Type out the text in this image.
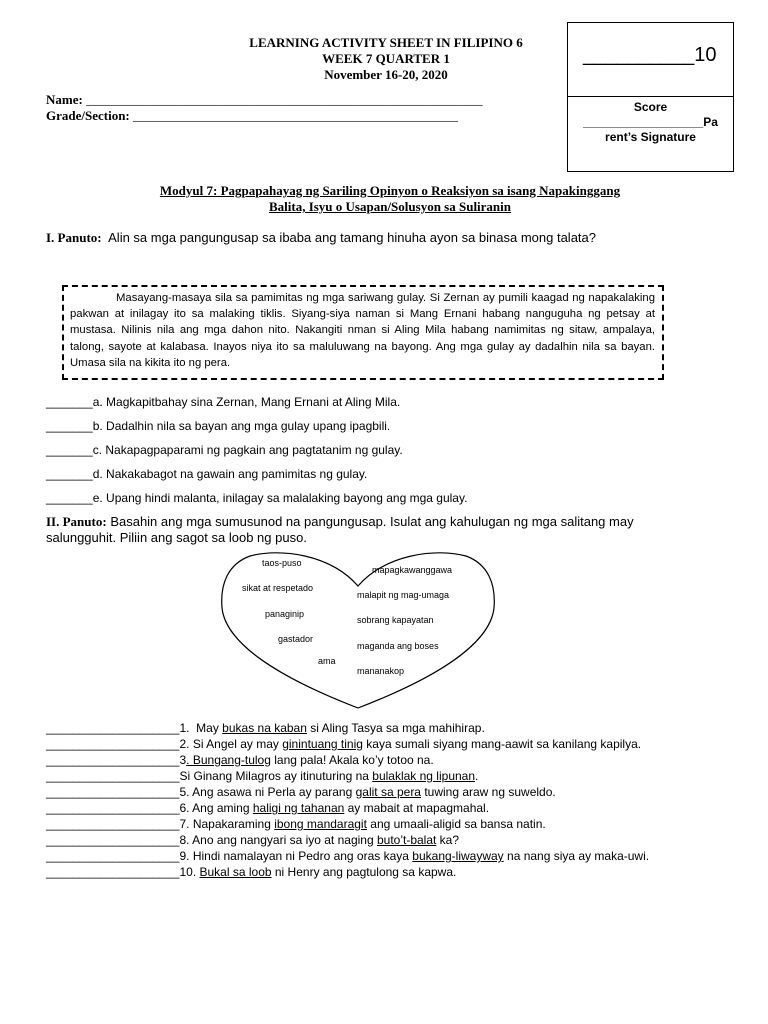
__________10
Score
__________________Pa
rent’s Signature
LEARNING ACTIVITY SHEET IN FILIPINO 6
WEEK 7 QUARTER 1
November 16-20, 2020
Name: _____________________________________________________________
Grade/Section: __________________________________________________
Modyul 7: Pagpapahayag ng Sariling Opinyon o Reaksiyon sa isang Napakinggang
Balita, Isyu o Usapan/Solusyon sa Suliranin
I. Panuto: Alin sa mga pangungusap sa ibaba ang tamang hinuha ayon sa binasa mong talata?
Masayang-masaya sila sa pamimitas ng mga sariwang gulay. Si Zernan ay pumili kaagad ng napakalaking pakwan at inilagay ito sa malaking tiklis. Siyang-siya naman si Mang Ernani habang nanguguha ng petsay at mustasa. Nilinis nila ang mga dahon nito. Nakangiti nman si Aling Mila habang namimitas ng sitaw, ampalaya, talong, sayote at kalabasa. Inayos niya ito sa maluluwang na bayong. Ang mga gulay ay dadalhin nila sa bayan. Umasa sila na kikita ito ng pera.
_______a. Magkapitbahay sina Zernan, Mang Ernani at Aling Mila.
_______b. Dadalhin nila sa bayan ang mga gulay upang ipagbili.
_______c. Nakapagpaparami ng pagkain ang pagtatanim ng gulay.
_______d. Nakakabagot na gawain ang pamimitas ng gulay.
_______e. Upang hindi malanta, inilagay sa malalaking bayong ang mga gulay.
II. Panuto: Basahin ang mga sumusunod na pangungusap. Isulat ang kahulugan ng mga salitang may
salungguhit. Piliin ang sagot sa loob ng puso.
taos-puso
sikat at respetado
panaginip
gastador
ama
mapagkawanggawa
malapit ng mag-umaga
sobrang kapayatan
maganda ang boses
mananakop
____________________1.  May bukas na kaban si Aling Tasya sa mga mahihirap.
____________________2. Si Angel ay may ginintuang tinig kaya sumali siyang mang-aawit sa kanilang kapilya.
____________________3. Bungang-tulog lang pala! Akala ko’y totoo na.
____________________Si Ginang Milagros ay itinuturing na bulaklak ng lipunan.
____________________5. Ang asawa ni Perla ay parang galit sa pera tuwing araw ng suweldo.
____________________6. Ang aming haligi ng tahanan ay mabait at mapagmahal.
____________________7. Napakaraming ibong mandaragit ang umaali-aligid sa bansa natin.
____________________8. Ano ang nangyari sa iyo at naging buto’t-balat ka?
____________________9. Hindi namalayan ni Pedro ang oras kaya bukang-liwayway na nang siya ay maka-uwi.
____________________10. Bukal sa loob ni Henry ang pagtulong sa kapwa.
